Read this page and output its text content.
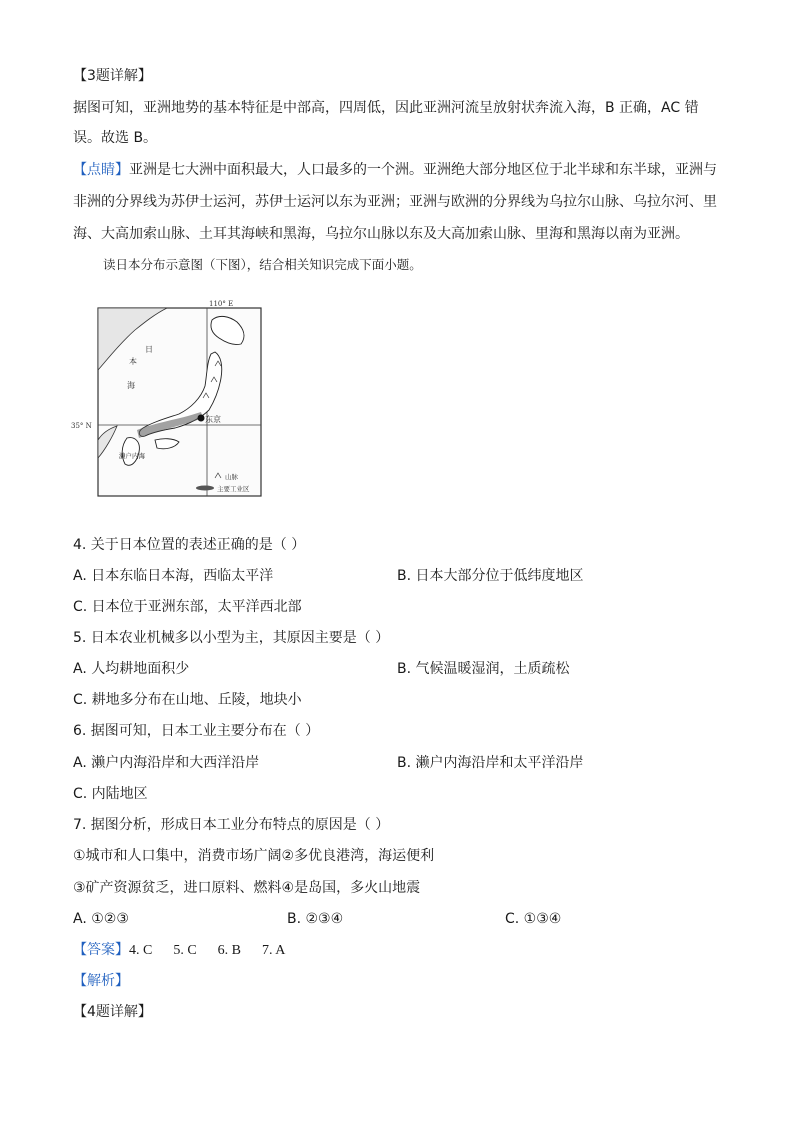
【3题详解】
据图可知，亚洲地势的基本特征是中部高，四周低，因此亚洲河流呈放射状奔流入海，B 正确，AC 错
误。故选 B。
【点睛】亚洲是七大洲中面积最大，人口最多的一个洲。亚洲绝大部分地区位于北半球和东半球，亚洲与
非洲的分界线为苏伊士运河，苏伊士运河以东为亚洲；亚洲与欧洲的分界线为乌拉尔山脉、乌拉尔河、里
海、大高加索山脉、土耳其海峡和黑海，乌拉尔山脉以东及大高加索山脉、里海和黑海以南为亚洲。
读日本分布示意图（下图），结合相关知识完成下面小题。
110° E
35° N
东京
日
本
海
濑户内海
山脉
主要工业区
4. 关于日本位置的表述正确的是（ ）
A. 日本东临日本海，西临太平洋	B. 日本大部分位于低纬度地区
C. 日本位于亚洲东部，太平洋西北部
5. 日本农业机械多以小型为主，其原因主要是（ ）
A. 人均耕地面积少	B. 气候温暖湿润，土质疏松
C. 耕地多分布在山地、丘陵，地块小
6. 据图可知，日本工业主要分布在（ ）
A. 濑户内海沿岸和大西洋沿岸	B. 濑户内海沿岸和太平洋沿岸
C. 内陆地区
7. 据图分析，形成日本工业分布特点的原因是（ ）
①城市和人口集中，消费市场广阔②多优良港湾，海运便利
③矿产资源贫乏，进口原料、燃料④是岛国，多火山地震
A. ①②③	B. ②③④	C. ①③④
【答案】4. C      5. C      6. B      7. A
【解析】
【4题详解】
